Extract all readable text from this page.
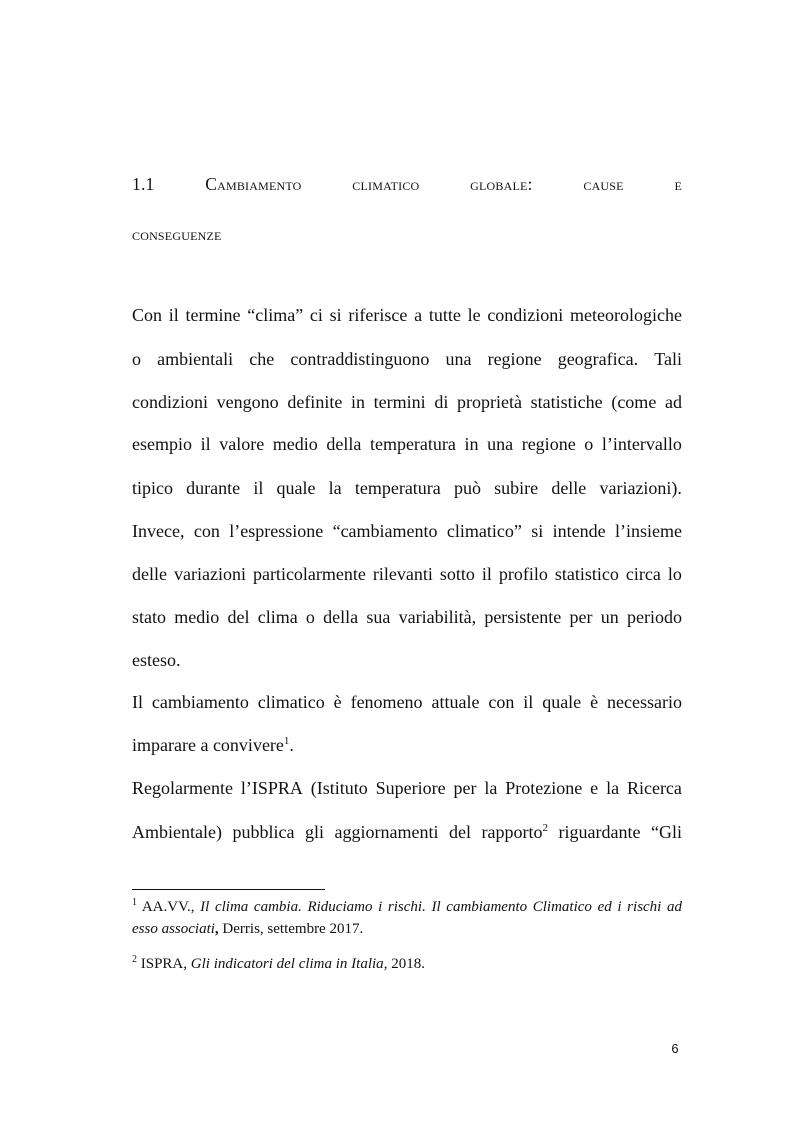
1.1	Cambiamento	climatico	globale:	cause	e
conseguenze
Con il termine “clima” ci si riferisce a tutte le condizioni meteorologiche
o ambientali che contraddistinguono una regione geografica. Tali
condizioni vengono definite in termini di proprietà statistiche (come ad
esempio il valore medio della temperatura in una regione o l’intervallo
tipico durante il quale la temperatura può subire delle variazioni).
Invece, con l’espressione “cambiamento climatico” si intende l’insieme
delle variazioni particolarmente rilevanti sotto il profilo statistico circa lo
stato medio del clima o della sua variabilità, persistente per un periodo
esteso.
Il cambiamento climatico è fenomeno attuale con il quale è necessario
imparare a convivere$^1$.
Regolarmente l’ISPRA (Istituto Superiore per la Protezione e la Ricerca
Ambientale) pubblica gli aggiornamenti del rapporto$^2$ riguardante “Gli
$^1$ AA.VV., Il clima cambia. Riduciamo i rischi. Il cambiamento Climatico ed i rischi ad esso associati, Derris, settembre 2017.
$^2$ ISPRA, Gli indicatori del clima in Italia, 2018.
6
